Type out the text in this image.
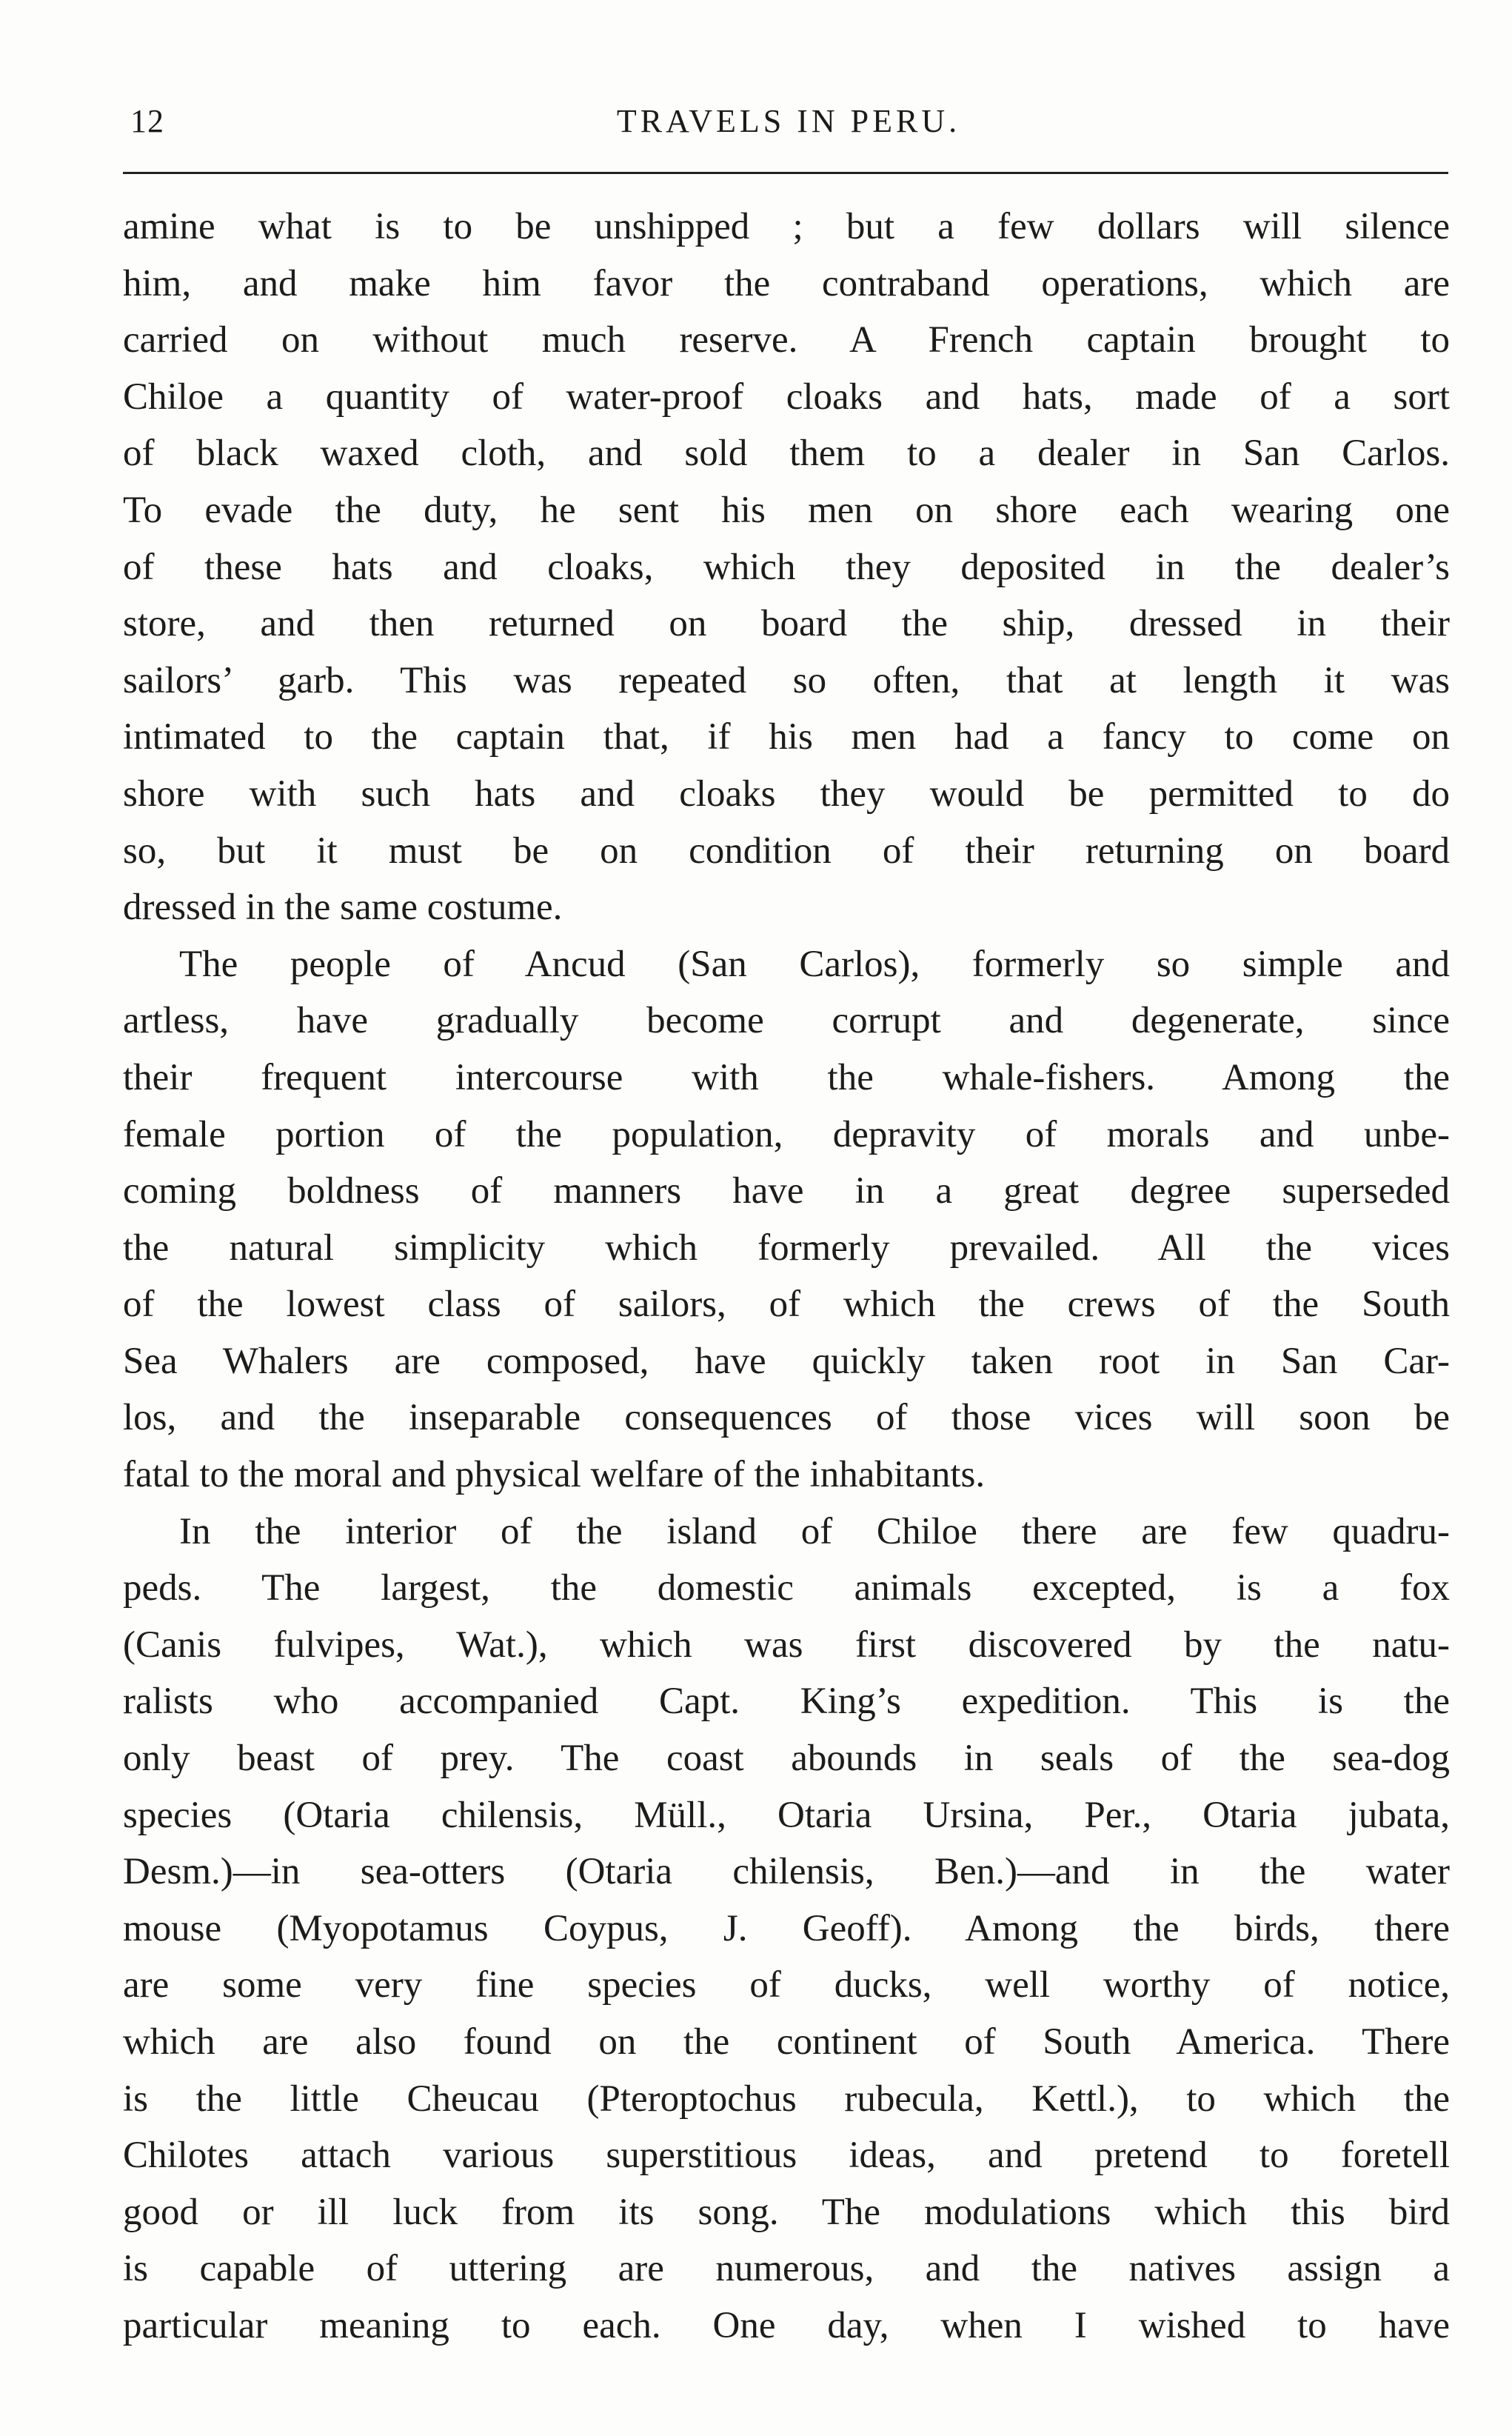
12	TRAVELS IN PERU.
amine what is to be unshipped ; but a few dollars will silence
him, and make him favor the contraband operations, which are
carried on without much reserve. A French captain brought to
Chiloe a quantity of water-proof cloaks and hats, made of a sort
of black waxed cloth, and sold them to a dealer in San Carlos.
To evade the duty, he sent his men on shore each wearing one
of these hats and cloaks, which they deposited in the dealer’s
store, and then returned on board the ship, dressed in their
sailors’ garb. This was repeated so often, that at length it was
intimated to the captain that, if his men had a fancy to come on
shore with such hats and cloaks they would be permitted to do
so, but it must be on condition of their returning on board
dressed in the same costume.
The people of Ancud (San Carlos), formerly so simple and
artless, have gradually become corrupt and degenerate, since
their frequent intercourse with the whale-fishers. Among the
female portion of the population, depravity of morals and unbe-
coming boldness of manners have in a great degree superseded
the natural simplicity which formerly prevailed. All the vices
of the lowest class of sailors, of which the crews of the South
Sea Whalers are composed, have quickly taken root in San Car-
los, and the inseparable consequences of those vices will soon be
fatal to the moral and physical welfare of the inhabitants.
In the interior of the island of Chiloe there are few quadru-
peds. The largest, the domestic animals excepted, is a fox
(Canis fulvipes, Wat.), which was first discovered by the natu-
ralists who accompanied Capt. King’s expedition. This is the
only beast of prey. The coast abounds in seals of the sea-dog
species (Otaria chilensis, Müll., Otaria Ursina, Per., Otaria jubata,
Desm.)—in sea-otters (Otaria chilensis, Ben.)—and in the water
mouse (Myopotamus Coypus, J. Geoff). Among the birds, there
are some very fine species of ducks, well worthy of notice,
which are also found on the continent of South America. There
is the little Cheucau (Pteroptochus rubecula, Kettl.), to which the
Chilotes attach various superstitious ideas, and pretend to foretell
good or ill luck from its song. The modulations which this bird
is capable of uttering are numerous, and the natives assign a
particular meaning to each. One day, when I wished to have
